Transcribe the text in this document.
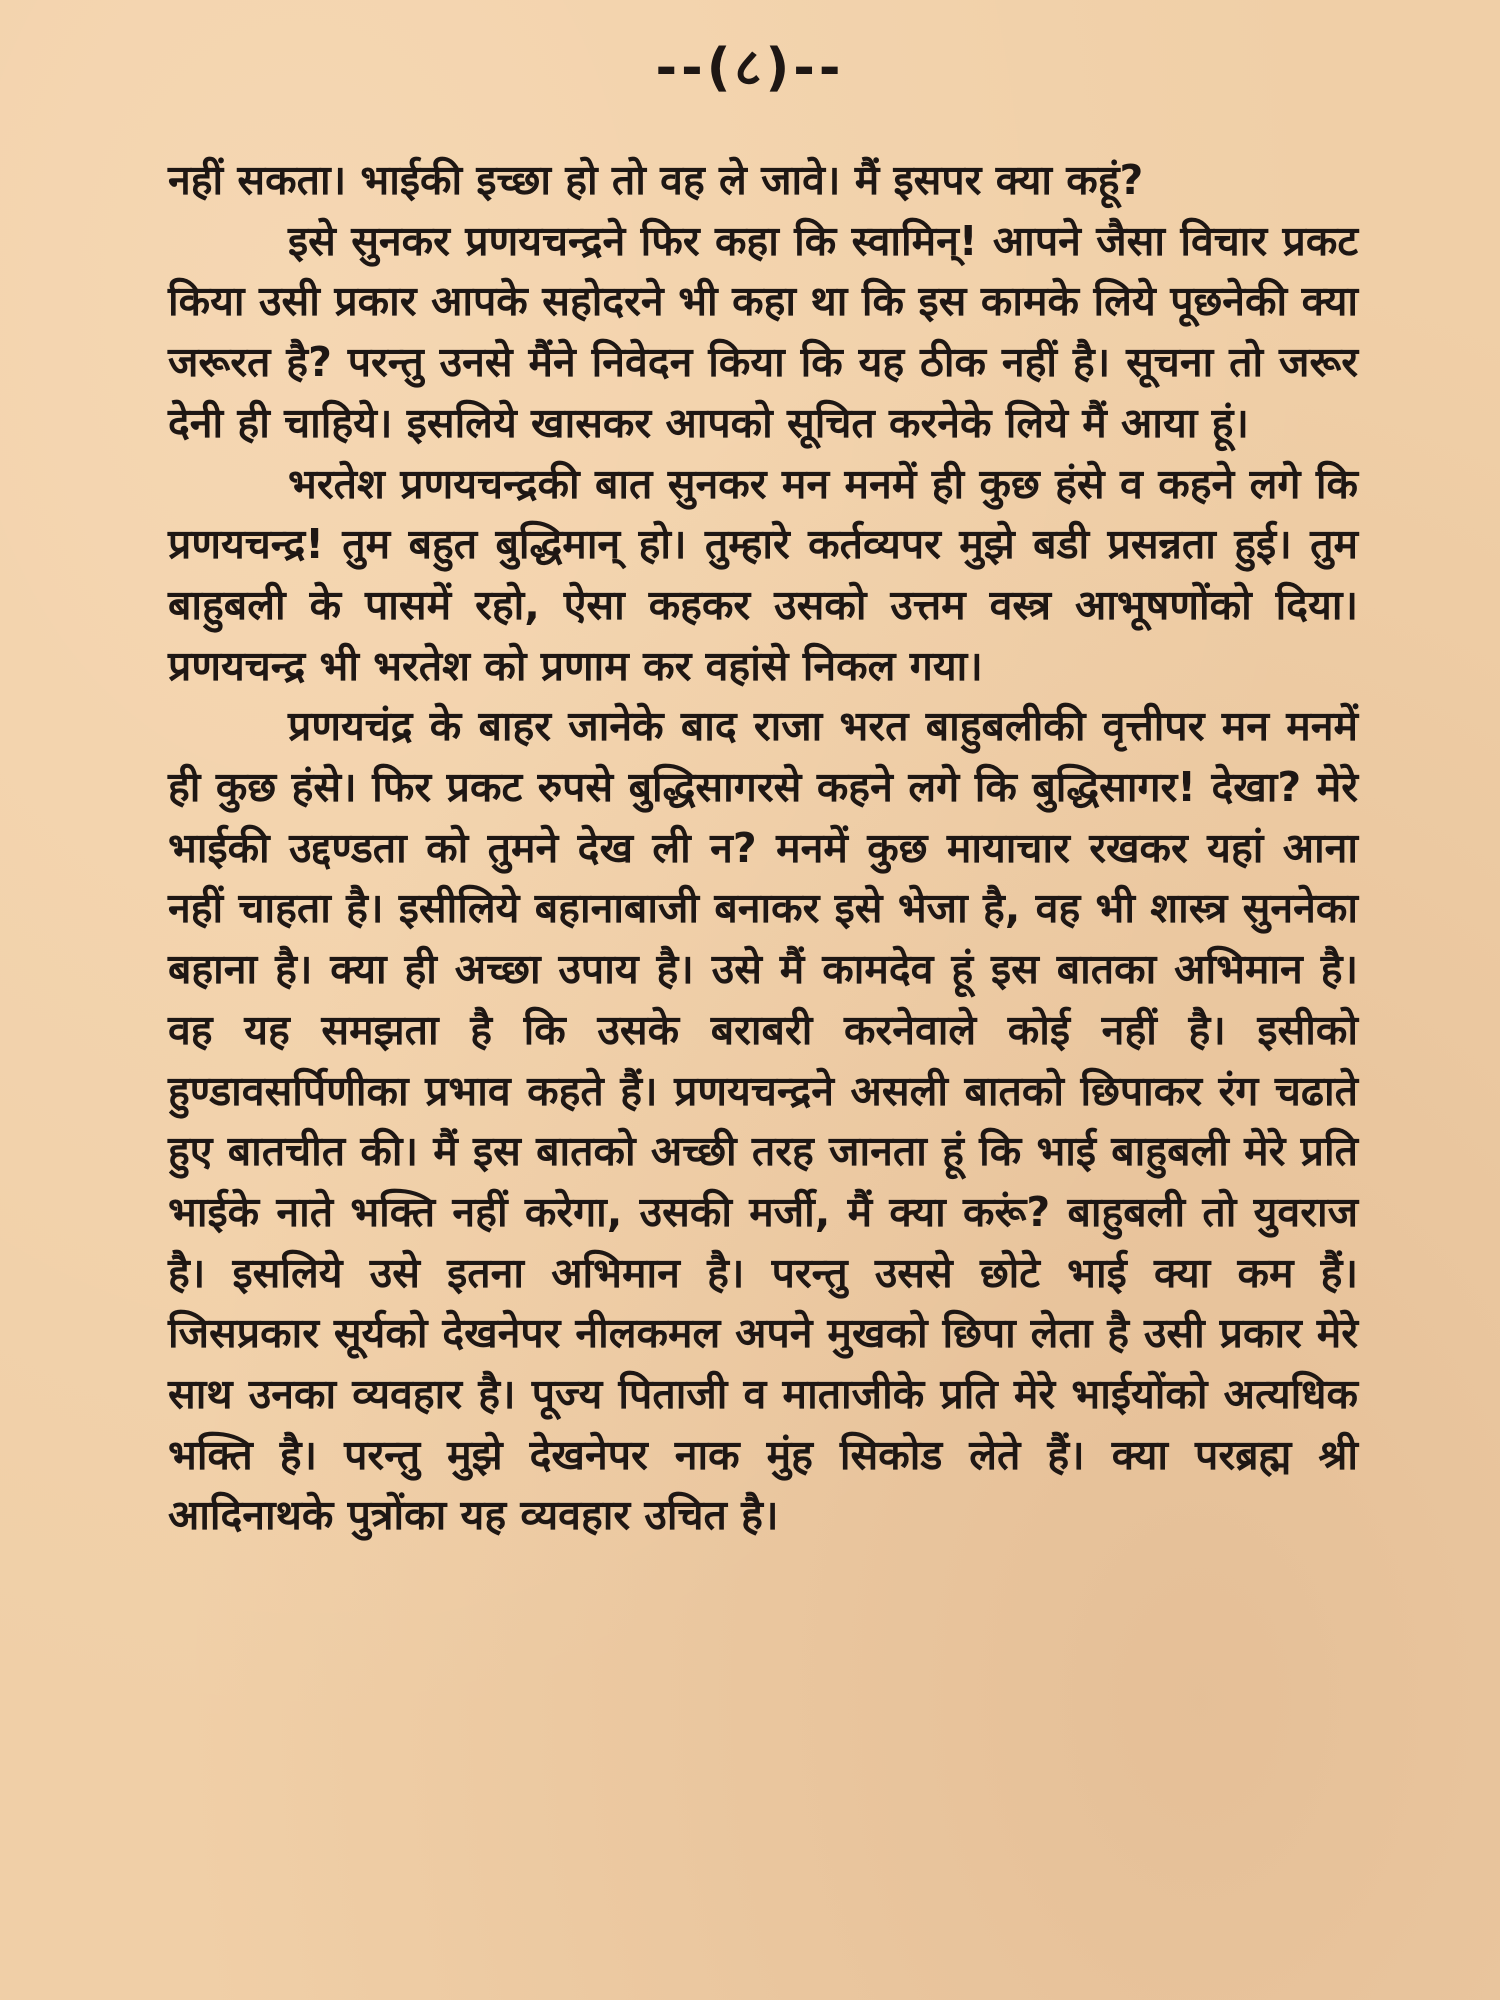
--(८)--

नहीं सकता। भाईकी इच्छा हो तो वह ले जावे। मैं इसपर क्या कहूं?

इसे सुनकर प्रणयचन्द्रने फिर कहा कि स्वामिन्! आपने जैसा विचार प्रकट किया उसी प्रकार आपके सहोदरने भी कहा था कि इस कामके लिये पूछनेकी क्या जरूरत है? परन्तु उनसे मैंने निवेदन किया कि यह ठीक नहीं है। सूचना तो जरूर देनी ही चाहिये। इसलिये खासकर आपको सूचित करनेके लिये मैं आया हूं।

भरतेश प्रणयचन्द्रकी बात सुनकर मन मनमें ही कुछ हंसे व कहने लगे कि प्रणयचन्द्र! तुम बहुत बुद्धिमान् हो। तुम्हारे कर्तव्यपर मुझे बडी प्रसन्नता हुई। तुम बाहुबली के पासमें रहो, ऐसा कहकर उसको उत्तम वस्त्र आभूषणोंको दिया। प्रणयचन्द्र भी भरतेश को प्रणाम कर वहांसे निकल गया।

प्रणयचंद्र के बाहर जानेके बाद राजा भरत बाहुबलीकी वृत्तीपर मन मनमें ही कुछ हंसे। फिर प्रकट रुपसे बुद्धिसागरसे कहने लगे कि बुद्धिसागर! देखा? मेरे भाईकी उद्दण्डता को तुमने देख ली न? मनमें कुछ मायाचार रखकर यहां आना नहीं चाहता है। इसीलिये बहानाबाजी बनाकर इसे भेजा है, वह भी शास्त्र सुननेका बहाना है। क्या ही अच्छा उपाय है। उसे मैं कामदेव हूं इस बातका अभिमान है। वह यह समझता है कि उसके बराबरी करनेवाले कोई नहीं है। इसीको हुण्डावसर्पिणीका प्रभाव कहते हैं। प्रणयचन्द्रने असली बातको छिपाकर रंग चढाते हुए बातचीत की। मैं इस बातको अच्छी तरह जानता हूं कि भाई बाहुबली मेरे प्रति भाईके नाते भक्ति नहीं करेगा, उसकी मर्जी, मैं क्या करूं? बाहुबली तो युवराज है। इसलिये उसे इतना अभिमान है। परन्तु उससे छोटे भाई क्या कम हैं। जिसप्रकार सूर्यको देखनेपर नीलकमल अपने मुखको छिपा लेता है उसी प्रकार मेरे साथ उनका व्यवहार है। पूज्य पिताजी व माताजीके प्रति मेरे भाईयोंको अत्यधिक भक्ति है। परन्तु मुझे देखनेपर नाक मुंह सिकोड लेते हैं। क्या परब्रह्म श्री आदिनाथके पुत्रोंका यह व्यवहार उचित है।
